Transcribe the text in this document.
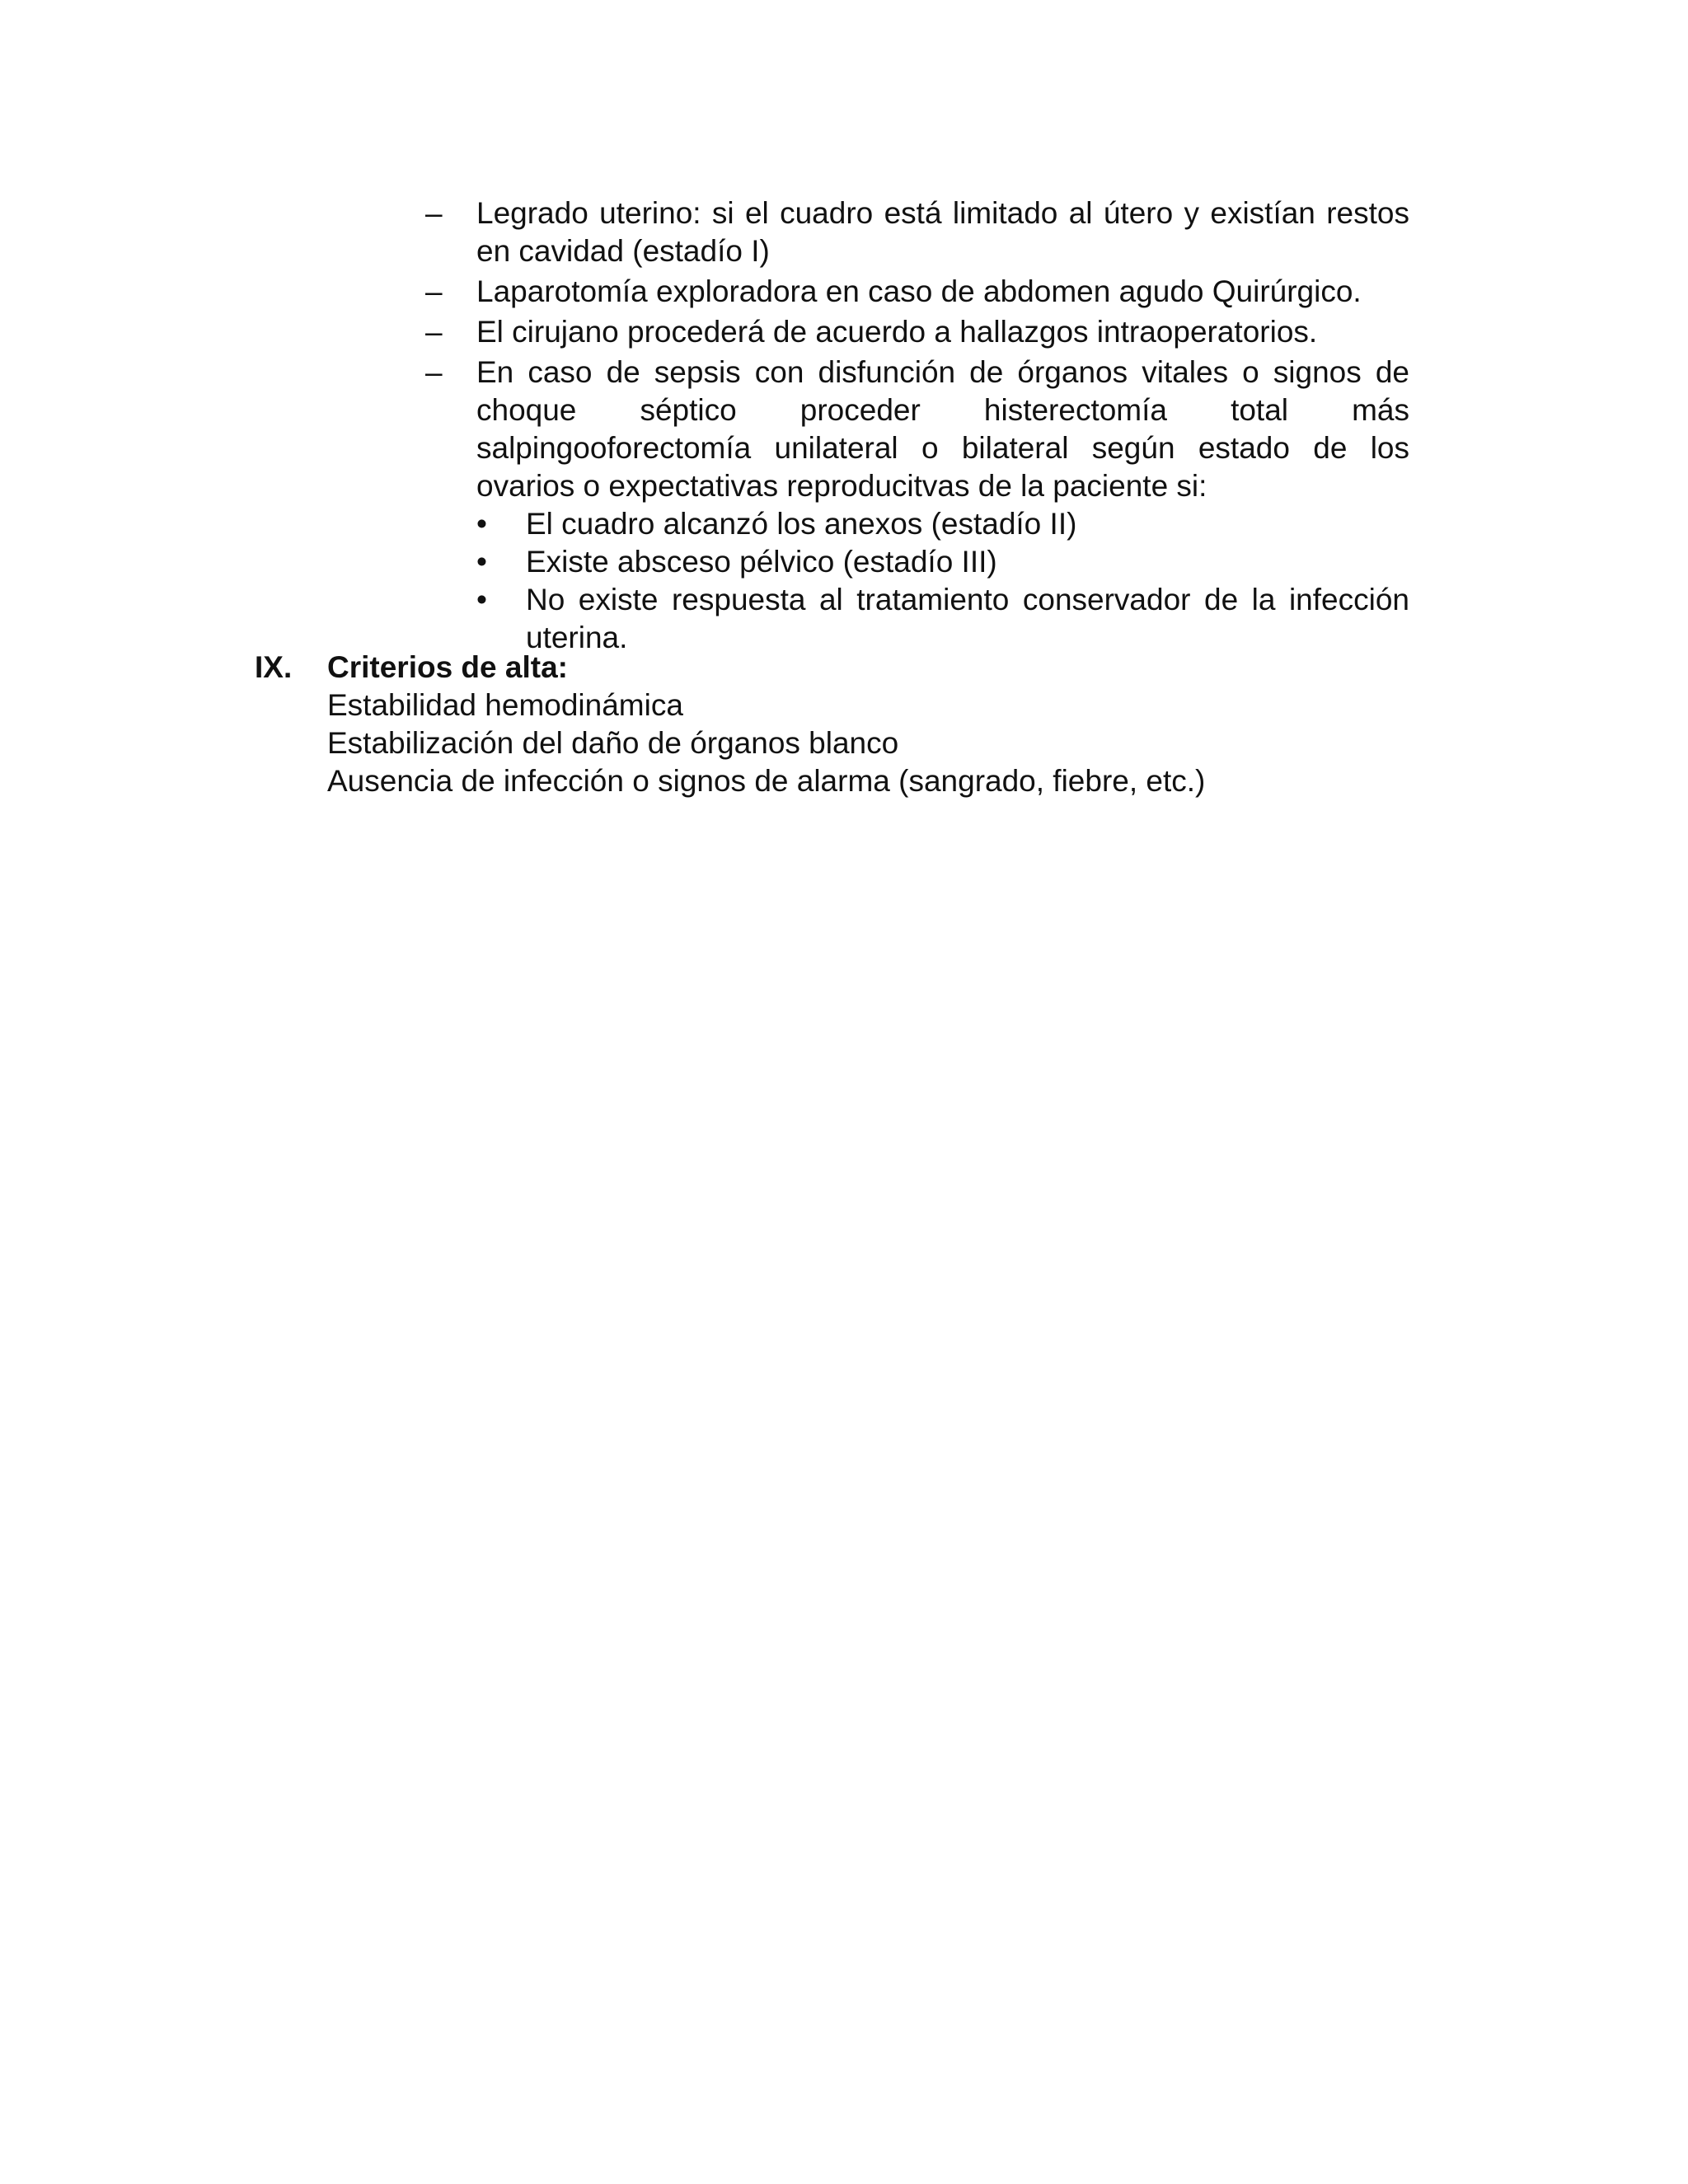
– Legrado uterino: si el cuadro está limitado al útero y existían restos en cavidad (estadío I)
– Laparotomía exploradora en caso de abdomen agudo Quirúrgico.
– El cirujano procederá de acuerdo a hallazgos intraoperatorios.
– En caso de sepsis con disfunción de órganos vitales o signos de choque séptico proceder histerectomía total más salpingooforectomía unilateral o bilateral según estado de los ovarios o expectativas reproducitvas de la paciente si:
• El cuadro alcanzó los anexos (estadío II)
• Existe absceso pélvico (estadío III)
• No existe respuesta al tratamiento conservador de la infección uterina.
IX. Criterios de alta:
Estabilidad hemodinámica
Estabilización del daño de órganos blanco
Ausencia de infección o signos de alarma (sangrado, fiebre, etc.)
